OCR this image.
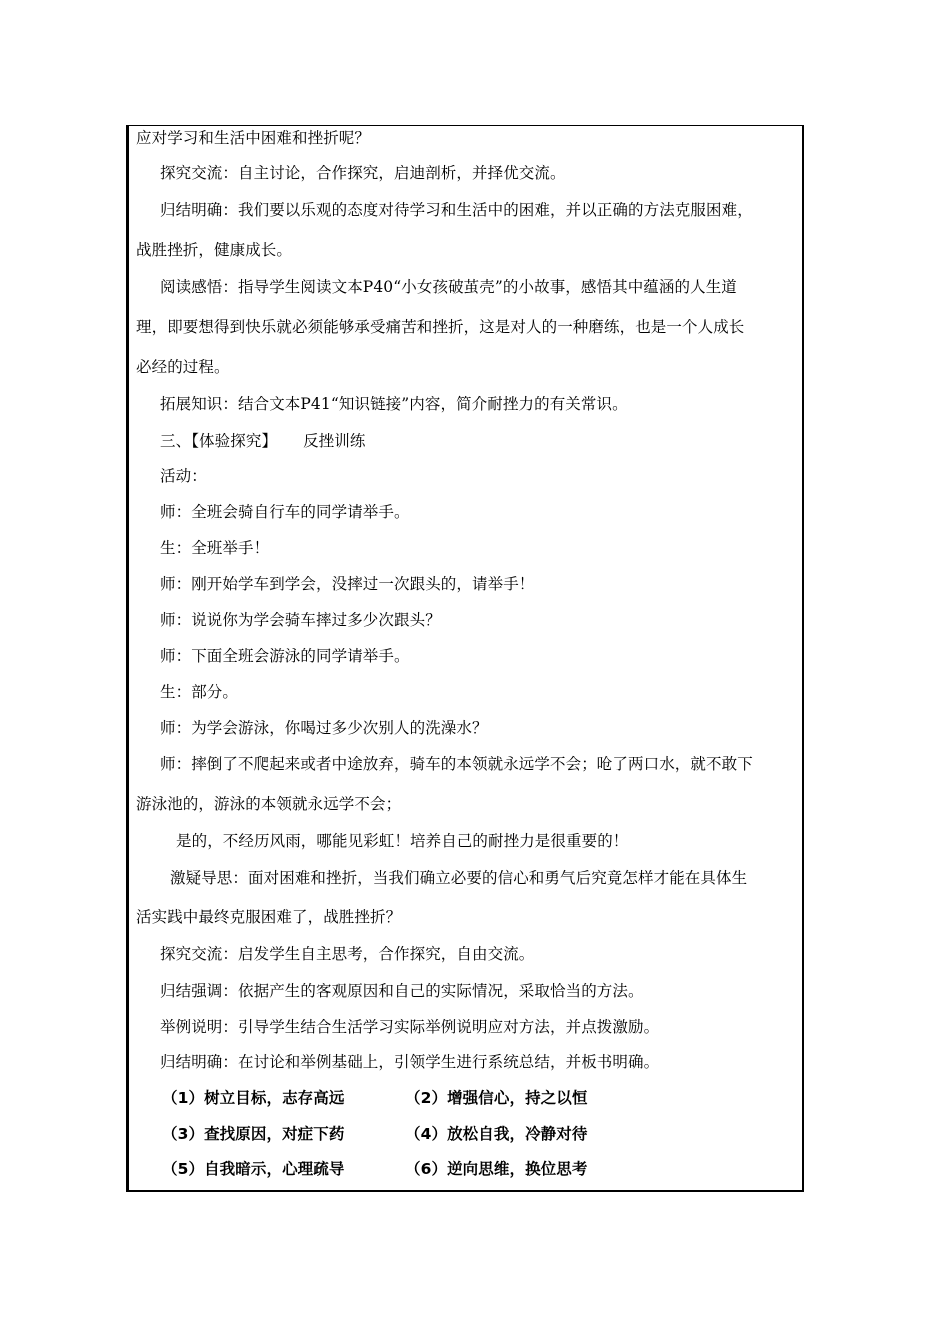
应对学习和生活中困难和挫折呢？
探究交流：自主讨论，合作探究，启迪剖析，并择优交流。
归结明确：我们要以乐观的态度对待学习和生活中的困难，并以正确的方法克服困难，
战胜挫折，健康成长。
阅读感悟：指导学生阅读文本P40“小女孩破茧壳”的小故事，感悟其中蕴涵的人生道
理，即要想得到快乐就必须能够承受痛苦和挫折，这是对人的一种磨练，也是一个人成长
必经的过程。
拓展知识：结合文本P41“知识链接”内容，简介耐挫力的有关常识。
三、【体验探究】 反挫训练
活动：
师：全班会骑自行车的同学请举手。
生：全班举手！
师：刚开始学车到学会，没摔过一次跟头的，请举手！
师：说说你为学会骑车摔过多少次跟头？
师：下面全班会游泳的同学请举手。
生：部分。
师：为学会游泳，你喝过多少次别人的洗澡水？
师：摔倒了不爬起来或者中途放弃，骑车的本领就永远学不会；呛了两口水，就不敢下
游泳池的，游泳的本领就永远学不会；
是的，不经历风雨，哪能见彩虹！培养自己的耐挫力是很重要的！
激疑导思：面对困难和挫折，当我们确立必要的信心和勇气后究竟怎样才能在具体生
活实践中最终克服困难了，战胜挫折？
探究交流：启发学生自主思考，合作探究，自由交流。
归结强调：依据产生的客观原因和自己的实际情况，采取恰当的方法。
举例说明：引导学生结合生活学习实际举例说明应对方法，并点拨激励。
归结明确：在讨论和举例基础上，引领学生进行系统总结，并板书明确。
（1）树立目标，志存高远	（2）增强信心，持之以恒
（3）查找原因，对症下药	（4）放松自我，冷静对待
（5）自我暗示，心理疏导	（6）逆向思维，换位思考
